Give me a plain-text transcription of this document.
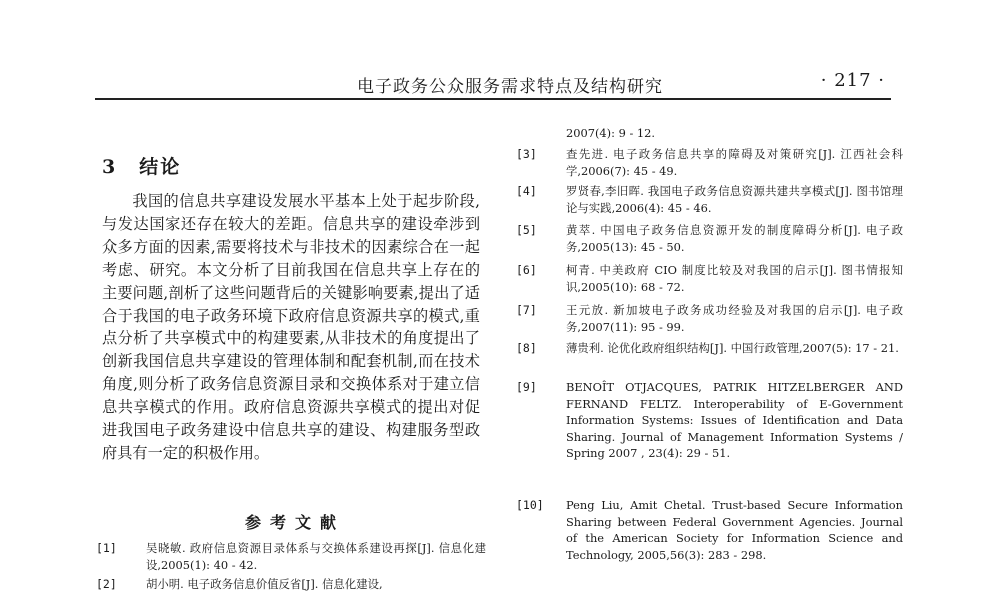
电子政务公众服务需求特点及结构研究	· 217 ·
3 结论

我国的信息共享建设发展水平基本上处于起步阶段,与发达国家还存在较大的差距。信息共享的建设牵涉到众多方面的因素,需要将技术与非技术的因素综合在一起考虑、研究。本文分析了目前我国在信息共享上存在的主要问题,剖析了这些问题背后的关键影响要素,提出了适合于我国的电子政务环境下政府信息资源共享的模式,重点分析了共享模式中的构建要素,从非技术的角度提出了创新我国信息共享建设的管理体制和配套机制,而在技术角度,则分析了政务信息资源目录和交换体系对于建立信息共享模式的作用。政府信息资源共享模式的提出对促进我国电子政务建设中信息共享的建设、构建服务型政府具有一定的积极作用。

参考文献
[1]	吴晓敏. 政府信息资源目录体系与交换体系建设再探[J]. 信息化建设,2005(1): 40 - 42.
[2]	胡小明. 电子政务信息价值反省[J]. 信息化建设,
2007(4): 9 - 12.
[3]	查先进. 电子政务信息共享的障碍及对策研究[J]. 江西社会科学,2006(7): 45 - 49.
[4]	罗贤春,李旧晖. 我国电子政务信息资源共建共享模式[J]. 图书馆理论与实践,2006(4): 45 - 46.
[5]	黄萃. 中国电子政务信息资源开发的制度障碍分析[J]. 电子政务,2005(13): 45 - 50.
[6]	柯青. 中美政府 CIO 制度比较及对我国的启示[J]. 图书情报知识,2005(10): 68 - 72.
[7]	王元放. 新加坡电子政务成功经验及对我国的启示[J]. 电子政务,2007(11): 95 - 99.
[8]	薄贵利. 论优化政府组织结构[J]. 中国行政管理,2007(5): 17 - 21.
[9]	BENOÎT OTJACQUES, PATRIK HITZELBERGER AND FERNAND FELTZ. Interoperability of E-Government Information Systems: Issues of Identification and Data Sharing. Journal of Management Information Systems / Spring 2007 , 23(4): 29 - 51.
[10]	Peng Liu, Amit Chetal. Trust-based Secure Information Sharing between Federal Government Agencies. Journal of the American Society for Information Science and Technology, 2005,56(3): 283 - 298.
